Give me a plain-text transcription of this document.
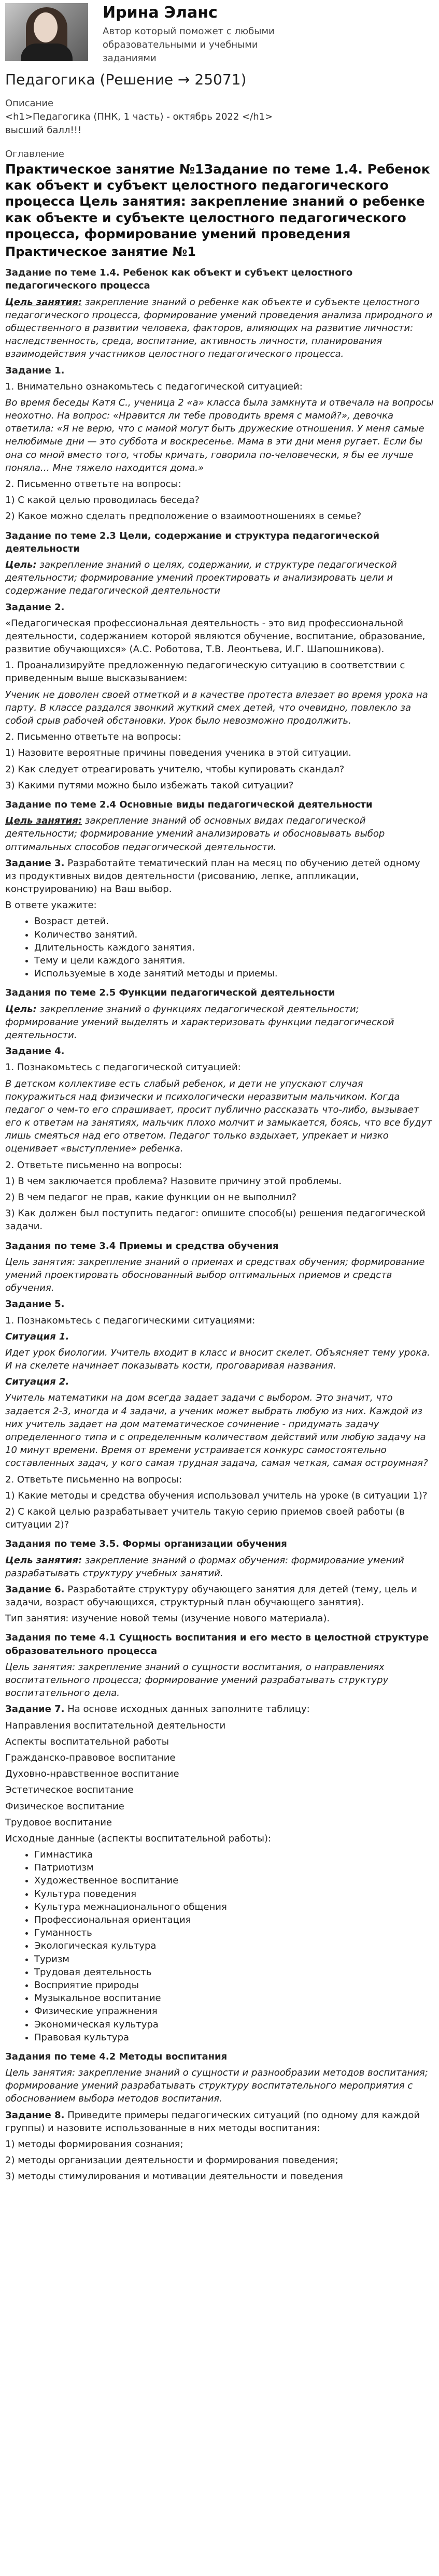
Ирина Эланс
Автор который поможет с любыми образовательными и учебными заданиями
Педагогика (Решение → 25071)
Описание
<h1>Педагогика (ПНК, 1 часть) - октябрь 2022 </h1>
высший балл!!!
Оглавление
Практическое занятие №1Задание по теме 1.4. Ребенок как объект и субъект целостного педагогического процесса Цель занятия: закрепление знаний о ребенке как объекте и субъекте целостного педагогического процесса, формирование умений проведения
Практическое занятие №1
Задание по теме 1.4. Ребенок как объект и субъект целостного педагогического процесса

Цель занятия: закрепление знаний о ребенке как объекте и субъекте целостного педагогического процесса, формирование умений проведения анализа природного и общественного в развитии человека, факторов, влияющих на развитие личности: наследственность, среда, воспитание, активность личности, планирования взаимодействия участников целостного педагогического процесса.

Задание 1.

1. Внимательно ознакомьтесь с педагогической ситуацией:

Во время беседы Катя С., ученица 2 «а» класса была замкнута и отвечала на вопросы неохотно. На вопрос: «Нравится ли тебе проводить время с мамой?», девочка ответила: «Я не верю, что с мамой могут быть дружеские отношения. У меня самые нелюбимые дни — это суббота и воскресенье. Мама в эти дни меня ругает. Если бы она со мной вместо того, чтобы кричать, говорила по-человечески, я бы ее лучше поняла… Мне тяжело находится дома.»

2. Письменно ответьте на вопросы:

1) С какой целью проводилась беседа?

2) Какое можно сделать предположение о взаимоотношениях в семье?

Задание по теме 2.3 Цели, содержание и структура педагогической деятельности

Цель: закрепление знаний о целях, содержании, и структуре педагогической деятельности; формирование умений проектировать и анализировать цели и содержание педагогической деятельности

Задание 2.

«Педагогическая профессиональная деятельность - это вид профессиональной деятельности, содержанием которой являются обучение, воспитание, образование, развитие обучающихся» (А.С. Роботова, Т.В. Леонтьева, И.Г. Шапошникова).

1. Проанализируйте предложенную педагогическую ситуацию в соответствии с приведенным выше высказыванием:

Ученик не доволен своей отметкой и в качестве протеста влезает во время урока на парту. В классе раздался звонкий жуткий смех детей, что очевидно, повлекло за собой срыв рабочей обстановки. Урок было невозможно продолжить.

2. Письменно ответьте на вопросы:

1) Назовите вероятные причины поведения ученика в этой ситуации.

2) Как следует отреагировать учителю, чтобы купировать скандал?

3) Какими путями можно было избежать такой ситуации?

Задание по теме 2.4 Основные виды педагогической деятельности

Цель занятия: закрепление знаний об основных видах педагогической деятельности; формирование умений анализировать и обосновывать выбор оптимальных способов педагогической деятельности.

Задание 3. Разработайте тематический план на месяц по обучению детей одному из продуктивных видов деятельности (рисованию, лепке, аппликации, конструированию) на Ваш выбор.

В ответе укажите:

• Возраст детей.
• Количество занятий.
• Длительность каждого занятия.
• Тему и цели каждого занятия.
• Используемые в ходе занятий методы и приемы.
Задания по теме 2.5 Функции педагогической деятельности

Цель: закрепление знаний о функциях педагогической деятельности; формирование умений выделять и характеризовать функции педагогической деятельности.

Задание 4.

1. Познакомьтесь с педагогической ситуацией:

В детском коллективе есть слабый ребенок, и дети не упускают случая покуражиться над физически и психологически неразвитым мальчиком. Когда педагог о чем-то его спрашивает, просит публично рассказать что-либо, вызывает его к ответам на занятиях, мальчик плохо молчит и замыкается, боясь, что все будут лишь смеяться над его ответом. Педагог только вздыхает, упрекает и низко оценивает «выступление» ребенка.

2. Ответьте письменно на вопросы:

1) В чем заключается проблема? Назовите причину этой проблемы.

2) В чем педагог не прав, какие функции он не выполнил?

3) Как должен был поступить педагог: опишите способ(ы) решения педагогической задачи.

Задания по теме 3.4 Приемы и средства обучения

Цель занятия: закрепление знаний о приемах и средствах обучения; формирование умений проектировать обоснованный выбор оптимальных приемов и средств обучения.

Задание 5.

1. Познакомьтесь с педагогическими ситуациями:

Ситуация 1.

Идет урок биологии. Учитель входит в класс и вносит скелет. Объясняет тему урока. И на скелете начинает показывать кости, проговаривая названия.

Ситуация 2.

Учитель математики на дом всегда задает задачи с выбором. Это значит, что задается 2-3, иногда и 4 задачи, а ученик может выбрать любую из них. Каждой из них учитель задает на дом математическое сочинение - придумать задачу определенного типа и с определенным количеством действий или любую задачу на 10 минут времени. Время от времени устраивается конкурс самостоятельно составленных задач, у кого самая трудная задача, самая четкая, самая остроумная?

2. Ответьте письменно на вопросы:

1) Какие методы и средства обучения использовал учитель на уроке (в ситуации 1)?

2) С какой целью разрабатывает учитель такую серию приемов своей работы (в ситуации 2)?

Задания по теме 3.5. Формы организации обучения

Цель занятия: закрепление знаний о формах обучения: формирование умений разрабатывать структуру учебных занятий.

Задание 6. Разработайте структуру обучающего занятия для детей (тему, цель и задачи, возраст обучающихся, структурный план обучающего занятия).

Тип занятия: изучение новой темы (изучение нового материала).

Задания по теме 4.1 Сущность воспитания и его место в целостной структуре образовательного процесса

Цель занятия: закрепление знаний о сущности воспитания, о направлениях воспитательного процесса; формирование умений разрабатывать структуру воспитательного дела.

Задание 7. На основе исходных данных заполните таблицу:

Направления воспитательной деятельности

Аспекты воспитательной работы

Гражданско-правовое воспитание

Духовно-нравственное воспитание

Эстетическое воспитание

Физическое воспитание

Трудовое воспитание

Исходные данные (аспекты воспитательной работы):

• Гимнастика
• Патриотизм
• Художественное воспитание
• Культура поведения
• Культура межнационального общения
• Профессиональная ориентация
• Гуманность
• Экологическая культура
• Туризм
• Трудовая деятельность
• Восприятие природы
• Музыкальное воспитание
• Физические упражнения
• Экономическая культура
• Правовая культура
Задания по теме 4.2 Методы воспитания

Цель занятия: закрепление знаний о сущности и разнообразии методов воспитания; формирование умений разрабатывать структуру воспитательного мероприятия с обоснованием выбора методов воспитания.

Задание 8. Приведите примеры педагогических ситуаций (по одному для каждой группы) и назовите использованные в них методы воспитания:

1) методы формирования сознания;

2) методы организации деятельности и формирования поведения;

3) методы стимулирования и мотивации деятельности и поведения
